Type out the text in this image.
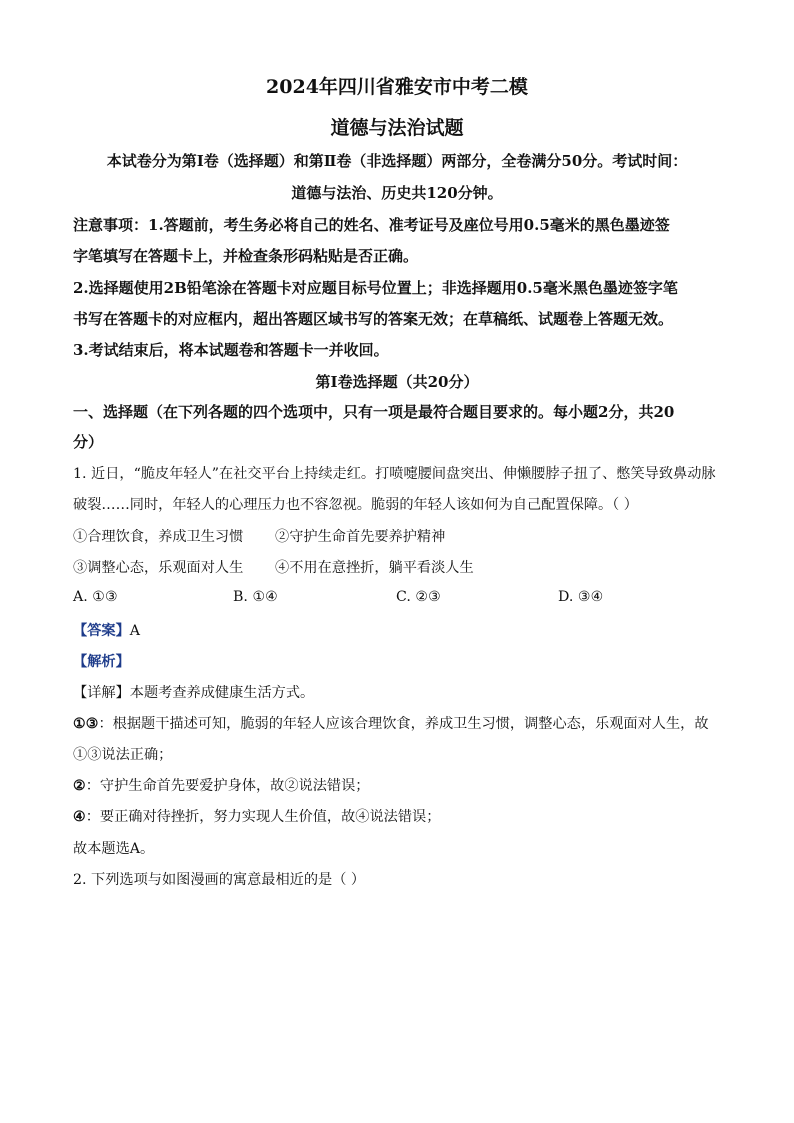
2024年四川省雅安市中考二模
道德与法治试题
本试卷分为第Ⅰ卷（选择题）和第Ⅱ卷（非选择题）两部分，全卷满分50分。考试时间：
道德与法治、历史共120分钟。
注意事项：1.答题前，考生务必将自己的姓名、准考证号及座位号用0.5毫米的黑色墨迹签
字笔填写在答题卡上，并检查条形码粘贴是否正确。
2.选择题使用2B铅笔涂在答题卡对应题目标号位置上；非选择题用0.5毫米黑色墨迹签字笔
书写在答题卡的对应框内，超出答题区域书写的答案无效；在草稿纸、试题卷上答题无效。
3.考试结束后，将本试题卷和答题卡一并收回。
第Ⅰ卷选择题（共20分）
一、选择题（在下列各题的四个选项中，只有一项是最符合题目要求的。每小题2分，共20
分）
1. 近日，“脆皮年轻人”在社交平台上持续走红。打喷嚏腰间盘突出、伸懒腰脖子扭了、憋笑导致鼻动脉
破裂……同时，年轻人的心理压力也不容忽视。脆弱的年轻人该如何为自己配置保障。（ ）
①合理饮食，养成卫生习惯 ②守护生命首先要养护精神
③调整心态，乐观面对人生 ④不用在意挫折，躺平看淡人生
A. ①③	B. ①④	C. ②③	D. ③④
【答案】A
【解析】
【详解】本题考查养成健康生活方式。
①③：根据题干描述可知，脆弱的年轻人应该合理饮食，养成卫生习惯，调整心态，乐观面对人生，故
①③说法正确；
②：守护生命首先要爱护身体，故②说法错误；
④：要正确对待挫折，努力实现人生价值，故④说法错误；
故本题选A。
2. 下列选项与如图漫画的寓意最相近的是（ ）
